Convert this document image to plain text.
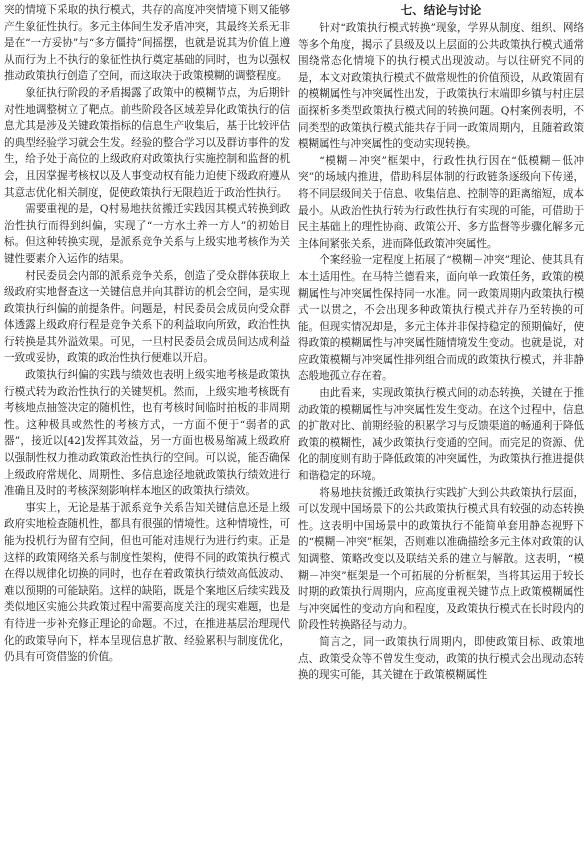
突的情境下采取的执行模式，共存的高度冲突情境下则又能够产生象征性执行。多元主体间生发矛盾冲突，其最终关系无非是在“一方妥协”与“多方僵持”间摇摆，也就是说其为价值上遵从而行为上不执行的象征性执行奠定基础的同时，也为以强权推动政策执行创造了空间，而这取决于政策模糊的调整程度。

象征执行阶段的矛盾揭露了政策中的模糊节点，为后期针对性地调整树立了靶点。前些阶段各区域差异化政策执行的信息尤其是涉及关键政策指标的信息生产收集后，基于比较评估的典型经验学习就会生发。经验的整合学习以及群访事件的发生，给予处于高位的上级政府对政策执行实施控制和监督的机会，且因掌握考核权以及人事变动权有能力迫使下级政府遵从其意志优化相关制度，促使政策执行无限趋近于政治性执行。

需要重视的是，Q村易地扶贫搬迁实践因其模式转换到政治性执行而得到纠偏，实现了“一方水土养一方人”的初始目标。但这种转换实现，是派系竞争关系与上级实地考核作为关键性要素介入运作的结果。

村民委员会内部的派系竞争关系，创造了受众群体获取上级政府实地督查这一关键信息并向其群访的机会空间，是实现政策执行纠偏的前提条件。问题是，村民委员会成员向受众群体透露上级政府行程是竞争关系下的利益取向所致，政治性执行转换是其外溢效果。可见，一旦村民委员会成员间达成利益一致或妥协，政策的政治性执行便难以开启。

政策执行纠偏的实践与绩效也表明上级实地考核是政策执行模式转为政治性执行的关键契机。然而，上级实地考核既有考核地点抽签决定的随机性，也有考核时间临时拍板的非周期性。这种极具或然性的考核方式，一方面不便于“弱者的武器”，接近以[42]发挥其效益，另一方面也极易缩减上级政府以强制性权力推动政策政治性执行的空间。可以说，能否确保上级政府常规化、周期性、多信息途径地就政策执行绩效进行准确且及时的考核深刻影响样本地区的政策执行绩效。

事实上，无论是基于派系竞争关系告知关键信息还是上级政府实地检查随机性，都具有很强的情境性。这种情境性，可能为投机行为留有空间，但也可能对违规行为进行约束。正是这样的政策网络关系与制度性架构，使得不同的政策执行模式在得以规律化切换的同时，也存在着政策执行绩效高低波动、难以预期的可能缺陷。这样的缺陷，既是个案地区后续实践及类似地区实施公共政策过程中需要高度关注的现实难题，也是有待进一步补充修正理论的命题。不过，在推进基层治理现代化的政策导向下，样本呈现信息扩散、经验累积与制度优化，仍具有可资借鉴的价值。

七、结论与讨论

针对“政策执行模式转换”现象，学界从制度、组织、网络等多个角度，揭示了县级及以上层面的公共政策执行模式通常围绕常态化情境下的执行模式出现波动。与以往研究不同的是，本文对政策执行模式不做常规性的价值预设，从政策固有的模糊属性与冲突属性出发，于政策执行末端即乡镇与村庄层面探析多类型政策执行模式间的转换问题。Q村案例表明，不同类型的政策执行模式能共存于同一政策周期内，且随着政策模糊属性与冲突属性的变动实现转换。

“模糊－冲突”框架中，行政性执行因在“低模糊－低冲突”的场域内推进，借助科层体制的行政链条逐级向下传递，将不同层级间关于信息、收集信息、控制等的距离缩短，成本最小。从政治性执行转为行政性执行有实现的可能，可借助于民主基础上的理性协商、政策公开、多方监督等步骤化解多元主体间紧张关系，进而降低政策冲突属性。

个案经验一定程度上拓展了“模糊－冲突”理论、使其具有本土适用性。在马特兰德看来，面向单一政策任务，政策的模糊属性与冲突属性保持同一水准。同一政策周期内政策执行模式一以贯之，不会出现多种政策执行模式并存乃至转换的可能。但现实情况却是，多元主体并非保持稳定的预期偏好，使得政策的模糊属性与冲突属性随情境发生变动。也就是说，对应政策模糊与冲突属性排列组合而成的政策执行模式，并非静态般地孤立存在着。

由此看来，实现政策执行模式间的动态转换，关键在于推动政策的模糊属性与冲突属性发生变动。在这个过程中，信息的扩散对比、前期经验的积累学习与反馈渠道的畅通利于降低政策的模糊性，减少政策执行变通的空间。而完足的资源、优化的制度则有助于降低政策的冲突属性，为政策执行推进提供和谐稳定的环境。

将易地扶贫搬迁政策执行实践扩大到公共政策执行层面，可以发现中国场景下的公共政策执行模式具有较强的动态转换性。这表明中国场景中的政策执行不能简单套用静态视野下的“模糊－冲突”框架，否则难以准确描绘多元主体对政策的认知调整、策略改变以及联结关系的建立与解散。这表明，“模糊－冲突”框架是一个可拓展的分析框架，当将其运用于较长时期的政策执行周期内，应高度重视关键节点上政策模糊属性与冲突属性的变动方向和程度，及政策执行模式在长时段内的阶段性转换路径与动力。

简言之，同一政策执行周期内，即使政策目标、政策地点、政策受众等不曾发生变动，政策的执行模式会出现动态转换的现实可能，其关键在于政策模糊属性
